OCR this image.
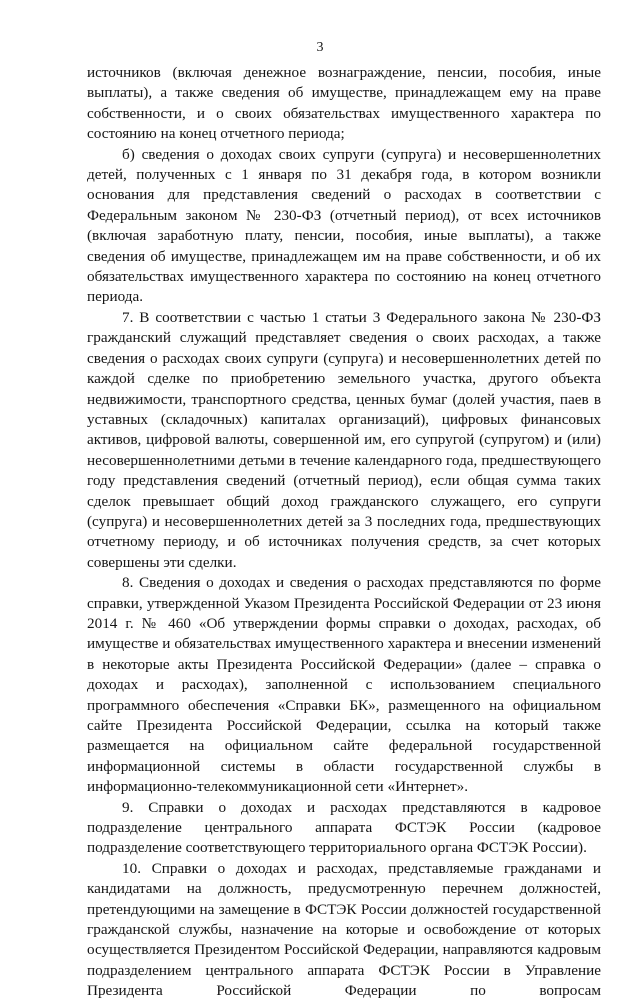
3

источников (включая денежное вознаграждение, пенсии, пособия, иные выплаты), а также сведения об имуществе, принадлежащем ему на праве собственности, и о своих обязательствах имущественного характера по состоянию на конец отчетного периода;

б) сведения о доходах своих супруги (супруга) и несовершеннолетних детей, полученных с 1 января по 31 декабря года, в котором возникли основания для представления сведений о расходах в соответствии с Федеральным законом № 230-ФЗ (отчетный период), от всех источников (включая заработную плату, пенсии, пособия, иные выплаты), а также сведения об имуществе, принадлежащем им на праве собственности, и об их обязательствах имущественного характера по состоянию на конец отчетного периода.

7. В соответствии с частью 1 статьи 3 Федерального закона № 230-ФЗ гражданский служащий представляет сведения о своих расходах, а также сведения о расходах своих супруги (супруга) и несовершеннолетних детей по каждой сделке по приобретению земельного участка, другого объекта недвижимости, транспортного средства, ценных бумаг (долей участия, паев в уставных (складочных) капиталах организаций), цифровых финансовых активов, цифровой валюты, совершенной им, его супругой (супругом) и (или) несовершеннолетними детьми в течение календарного года, предшествующего году представления сведений (отчетный период), если общая сумма таких сделок превышает общий доход гражданского служащего, его супруги (супруга) и несовершеннолетних детей за 3 последних года, предшествующих отчетному периоду, и об источниках получения средств, за счет которых совершены эти сделки.

8. Сведения о доходах и сведения о расходах представляются по форме справки, утвержденной Указом Президента Российской Федерации от 23 июня 2014 г. № 460 «Об утверждении формы справки о доходах, расходах, об имуществе и обязательствах имущественного характера и внесении изменений в некоторые акты Президента Российской Федерации» (далее – справка о доходах и расходах), заполненной с использованием специального программного обеспечения «Справки БК», размещенного на официальном сайте Президента Российской Федерации, ссылка на который также размещается на официальном сайте федеральной государственной информационной системы в области государственной службы в информационно-телекоммуникационной сети «Интернет».

9. Справки о доходах и расходах представляются в кадровое подразделение центрального аппарата ФСТЭК России (кадровое подразделение соответствующего территориального органа ФСТЭК России).

10. Справки о доходах и расходах, представляемые гражданами и кандидатами на должность, предусмотренную перечнем должностей, претендующими на замещение в ФСТЭК России должностей государственной гражданской службы, назначение на которые и освобождение от которых осуществляется Президентом Российской Федерации, направляются кадровым подразделением центрального аппарата ФСТЭК России в Управление Президента Российской Федерации по вопросам
